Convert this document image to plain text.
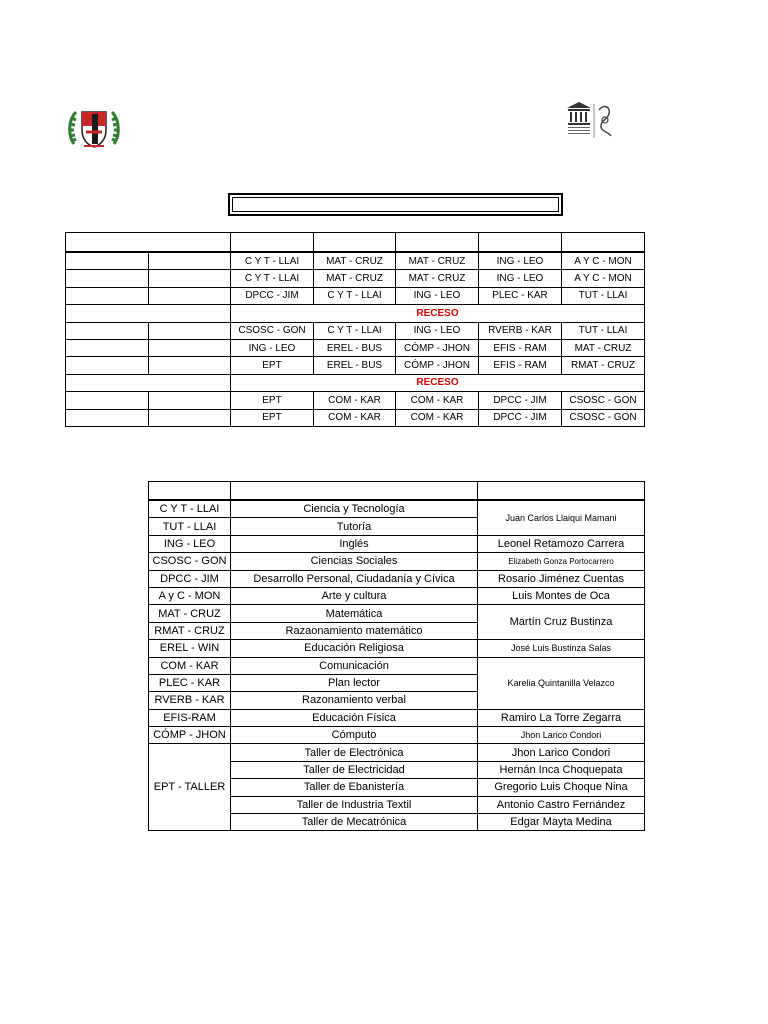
		C Y T - LLAI	MAT - CRUZ	MAT - CRUZ	ING - LEO	A Y C - MON
		C Y T - LLAI	MAT - CRUZ	MAT - CRUZ	ING - LEO	A Y C - MON
		DPCC - JIM	C Y T - LLAI	ING - LEO	PLEC - KAR	TUT - LLAI
		RECESO				
		CSOSC - GON	C Y T - LLAI	ING - LEO	RVERB - KAR	TUT - LLAI
		ING - LEO	EREL - BUS	CÓMP - JHON	EFIS - RAM	MAT - CRUZ
		EPT	EREL - BUS	CÓMP - JHON	EFIS - RAM	RMAT - CRUZ
		RECESO				
		EPT	COM - KAR	COM - KAR	DPCC - JIM	CSOSC - GON
		EPT	COM - KAR	COM - KAR	DPCC - JIM	CSOSC - GON

C Y T - LLAI	Ciencia y Tecnología	Juan Carlos Llaiqui Mamani
TUT - LLAI	Tutoría	
ING - LEO	Inglés	Leonel Retamozo Carrera
CSOSC - GON	Ciencias Sociales	Elizabeth Gonza Portocarrero
DPCC - JIM	Desarrollo Personal, Ciudadanía y Cívica	Rosario Jiménez Cuentas
A y C - MON	Arte y cultura	Luis Montes de Oca
MAT - CRUZ	Matemática	Martín Cruz Bustinza
RMAT - CRUZ	Razaonamiento matemático	
EREL - WIN	Educación Religiosa	José Luis Bustinza Salas
COM - KAR	Comunicación	Karelia Quintanilla Velazco
PLEC - KAR	Plan lector	
RVERB - KAR	Razonamiento verbal	
EFIS-RAM	Educación Física	Ramiro La Torre Zegarra
CÓMP - JHON	Cómputo	Jhon Larico Condori
EPT - TALLER	Taller de Electrónica	Jhon Larico Condori
	Taller de Electricidad	Hernán Inca Choquepata
	Taller de Ebanistería	Gregorio Luis Choque Nina
	Taller de Industria Textil	Antonio Castro Fernández
	Taller de Mecatrónica	Edgar Mayta Medina
